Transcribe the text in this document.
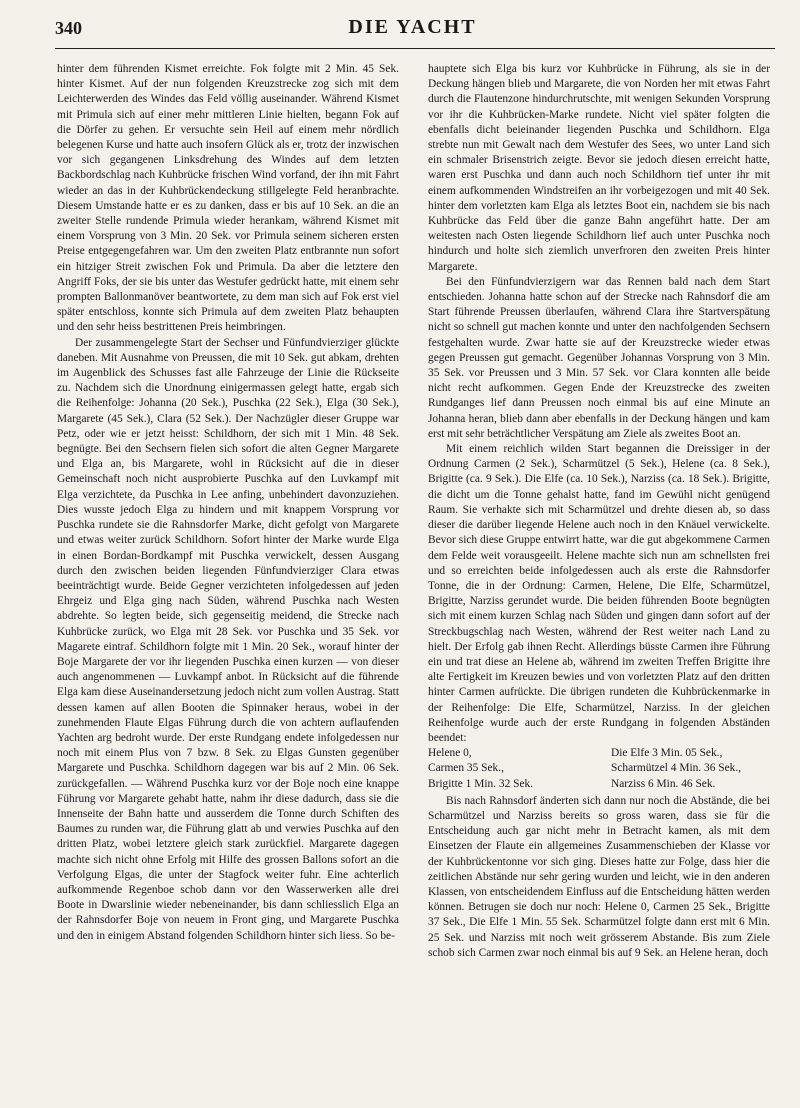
340	DIE YACHT

hinter dem führenden Kismet erreichte. Fok folgte mit 2 Min. 45 Sek. hinter Kismet. Auf der nun folgenden Kreuzstrecke zog sich mit dem Leichterwerden des Windes das Feld völlig auseinander. Während Kismet mit Primula sich auf einer mehr mittleren Linie hielten, begann Fok auf die Dörfer zu gehen. Er versuchte sein Heil auf einem mehr nördlich belegenen Kurse und hatte auch insofern Glück als er, trotz der inzwischen vor sich gegangenen Linksdrehung des Windes auf dem letzten Backbordschlag nach Kuhbrücke frischen Wind vorfand, der ihn mit Fahrt wieder an das in der Kuhbrückendeckung stillgelegte Feld heranbrachte. Diesem Umstande hatte er es zu danken, dass er bis auf 10 Sek. an die an zweiter Stelle rundende Primula wieder herankam, während Kismet mit einem Vorsprung von 3 Min. 20 Sek. vor Primula seinem sicheren ersten Preise entgegengefahren war. Um den zweiten Platz entbrannte nun sofort ein hitziger Streit zwischen Fok und Primula. Da aber die letztere den Angriff Foks, der sie bis unter das Westufer gedrückt hatte, mit einem sehr prompten Ballonmanöver beantwortete, zu dem man sich auf Fok erst viel später entschloss, konnte sich Primula auf dem zweiten Platz behaupten und den sehr heiss bestrittenen Preis heimbringen.

Der zusammengelegte Start der Sechser und Fünfundvierziger glückte daneben. Mit Ausnahme von Preussen, die mit 10 Sek. gut abkam, drehten im Augenblick des Schusses fast alle Fahrzeuge der Linie die Rückseite zu. Nachdem sich die Unordnung einigermassen gelegt hatte, ergab sich die Reihenfolge: Johanna (20 Sek.), Puschka (22 Sek.), Elga (30 Sek.), Margarete (45 Sek.), Clara (52 Sek.). Der Nachzügler dieser Gruppe war Petz, oder wie er jetzt heisst: Schildhorn, der sich mit 1 Min. 48 Sek. begnügte. Bei den Sechsern fielen sich sofort die alten Gegner Margarete und Elga an, bis Margarete, wohl in Rücksicht auf die in dieser Gemeinschaft noch nicht ausprobierte Puschka auf den Luvkampf mit Elga verzichtete, da Puschka in Lee anfing, unbehindert davonzuziehen. Dies wusste jedoch Elga zu hindern und mit knappem Vorsprung vor Puschka rundete sie die Rahnsdorfer Marke, dicht gefolgt von Margarete und etwas weiter zurück Schildhorn. Sofort hinter der Marke wurde Elga in einen Bordan-Bordkampf mit Puschka verwickelt, dessen Ausgang durch den zwischen beiden liegenden Fünfundvierziger Clara etwas beeinträchtigt wurde. Beide Gegner verzichteten infolgedessen auf jeden Ehrgeiz und Elga ging nach Süden, während Puschka nach Westen abdrehte. So legten beide, sich gegenseitig meidend, die Strecke nach Kuhbrücke zurück, wo Elga mit 28 Sek. vor Puschka und 35 Sek. vor Magarete eintraf. Schildhorn folgte mit 1 Min. 20 Sek., worauf hinter der Boje Margarete der vor ihr liegenden Puschka einen kurzen — von dieser auch angenommenen — Luvkampf anbot. In Rücksicht auf die führende Elga kam diese Auseinandersetzung jedoch nicht zum vollen Austrag. Statt dessen kamen auf allen Booten die Spinnaker heraus, wobei in der zunehmenden Flaute Elgas Führung durch die von achtern auflaufenden Yachten arg bedroht wurde. Der erste Rundgang endete infolgedessen nur noch mit einem Plus von 7 bzw. 8 Sek. zu Elgas Gunsten gegenüber Margarete und Puschka. Schildhorn dagegen war bis auf 2 Min. 06 Sek. zurückgefallen. — Während Puschka kurz vor der Boje noch eine knappe Führung vor Margarete gehabt hatte, nahm ihr diese dadurch, dass sie die Innenseite der Bahn hatte und ausserdem die Tonne durch Schiften des Baumes zu runden war, die Führung glatt ab und verwies Puschka auf den dritten Platz, wobei letztere gleich stark zurückfiel. Margarete dagegen machte sich nicht ohne Erfolg mit Hilfe des grossen Ballons sofort an die Verfolgung Elgas, die unter der Stagfock weiter fuhr. Eine achterlich aufkommende Regenboe schob dann vor den Wasserwerken alle drei Boote in Dwarslinie wieder nebeneinander, bis dann schliesslich Elga an der Rahnsdorfer Boje von neuem in Front ging, und Margarete Puschka und den in einigem Abstand folgenden Schildhorn hinter sich liess. So be-

hauptete sich Elga bis kurz vor Kuhbrücke in Führung, als sie in der Deckung hängen blieb und Margarete, die von Norden her mit etwas Fahrt durch die Flautenzone hindurchrutschte, mit wenigen Sekunden Vorsprung vor ihr die Kuhbrücken-Marke rundete. Nicht viel später folgten die ebenfalls dicht beieinander liegenden Puschka und Schildhorn. Elga strebte nun mit Gewalt nach dem Westufer des Sees, wo unter Land sich ein schmaler Brisenstrich zeigte. Bevor sie jedoch diesen erreicht hatte, waren erst Puschka und dann auch noch Schildhorn tief unter ihr mit einem aufkommenden Windstreifen an ihr vorbeigezogen und mit 40 Sek. hinter dem vorletzten kam Elga als letztes Boot ein, nachdem sie bis nach Kuhbrücke das Feld über die ganze Bahn angeführt hatte. Der am weitesten nach Osten liegende Schildhorn lief auch unter Puschka noch hindurch und holte sich ziemlich unverfroren den zweiten Preis hinter Margarete.

Bei den Fünfundvierzigern war das Rennen bald nach dem Start entschieden. Johanna hatte schon auf der Strecke nach Rahnsdorf die am Start führende Preussen überlaufen, während Clara ihre Startverspätung nicht so schnell gut machen konnte und unter den nachfolgenden Sechsern festgehalten wurde. Zwar hatte sie auf der Kreuzstrecke wieder etwas gegen Preussen gut gemacht. Gegenüber Johannas Vorsprung von 3 Min. 35 Sek. vor Preussen und 3 Min. 57 Sek. vor Clara konnten alle beide nicht recht aufkommen. Gegen Ende der Kreuzstrecke des zweiten Rundganges lief dann Preussen noch einmal bis auf eine Minute an Johanna heran, blieb dann aber ebenfalls in der Deckung hängen und kam erst mit sehr beträchtlicher Verspätung am Ziele als zweites Boot an.

Mit einem reichlich wilden Start begannen die Dreissiger in der Ordnung Carmen (2 Sek.), Scharmützel (5 Sek.), Helene (ca. 8 Sek.), Brigitte (ca. 9 Sek.). Die Elfe (ca. 10 Sek.), Narziss (ca. 18 Sek.). Brigitte, die dicht um die Tonne gehalst hatte, fand im Gewühl nicht genügend Raum. Sie verhakte sich mit Scharmützel und drehte diesen ab, so dass dieser die darüber liegende Helene auch noch in den Knäuel verwickelte. Bevor sich diese Gruppe entwirrt hatte, war die gut abgekommene Carmen dem Felde weit vorausgeeilt. Helene machte sich nun am schnellsten frei und so erreichten beide infolgedessen auch als erste die Rahnsdorfer Tonne, die in der Ordnung: Carmen, Helene, Die Elfe, Scharmützel, Brigitte, Narziss gerundet wurde. Die beiden führenden Boote begnügten sich mit einem kurzen Schlag nach Süden und gingen dann sofort auf der Streckbugschlag nach Westen, während der Rest weiter nach Land zu hielt. Der Erfolg gab ihnen Recht. Allerdings büsste Carmen ihre Führung ein und trat diese an Helene ab, während im zweiten Treffen Brigitte ihre alte Fertigkeit im Kreuzen bewies und von vorletzten Platz auf den dritten hinter Carmen aufrückte. Die übrigen rundeten die Kuhbrückenmarke in der Reihenfolge: Die Elfe, Scharmützel, Narziss. In der gleichen Reihenfolge wurde auch der erste Rundgang in folgenden Abständen beendet:

Helene 0,	Die Elfe 3 Min. 05 Sek.,
Carmen 35 Sek.,	Scharmützel 4 Min. 36 Sek.,
Brigitte 1 Min. 32 Sek.	Narziss 6 Min. 46 Sek.

Bis nach Rahnsdorf änderten sich dann nur noch die Abstände, die bei Scharmützel und Narziss bereits so gross waren, dass sie für die Entscheidung auch gar nicht mehr in Betracht kamen, als mit dem Einsetzen der Flaute ein allgemeines Zusammenschieben der Klasse vor der Kuhbrückentonne vor sich ging. Dieses hatte zur Folge, dass hier die zeitlichen Abstände nur sehr gering wurden und leicht, wie in den anderen Klassen, von entscheidendem Einfluss auf die Entscheidung hätten werden können. Betrugen sie doch nur noch: Helene 0, Carmen 25 Sek., Brigitte 37 Sek., Die Elfe 1 Min. 55 Sek. Scharmützel folgte dann erst mit 6 Min. 25 Sek. und Narziss mit noch weit grösserem Abstande. Bis zum Ziele schob sich Carmen zwar noch einmal bis auf 9 Sek. an Helene heran, doch
